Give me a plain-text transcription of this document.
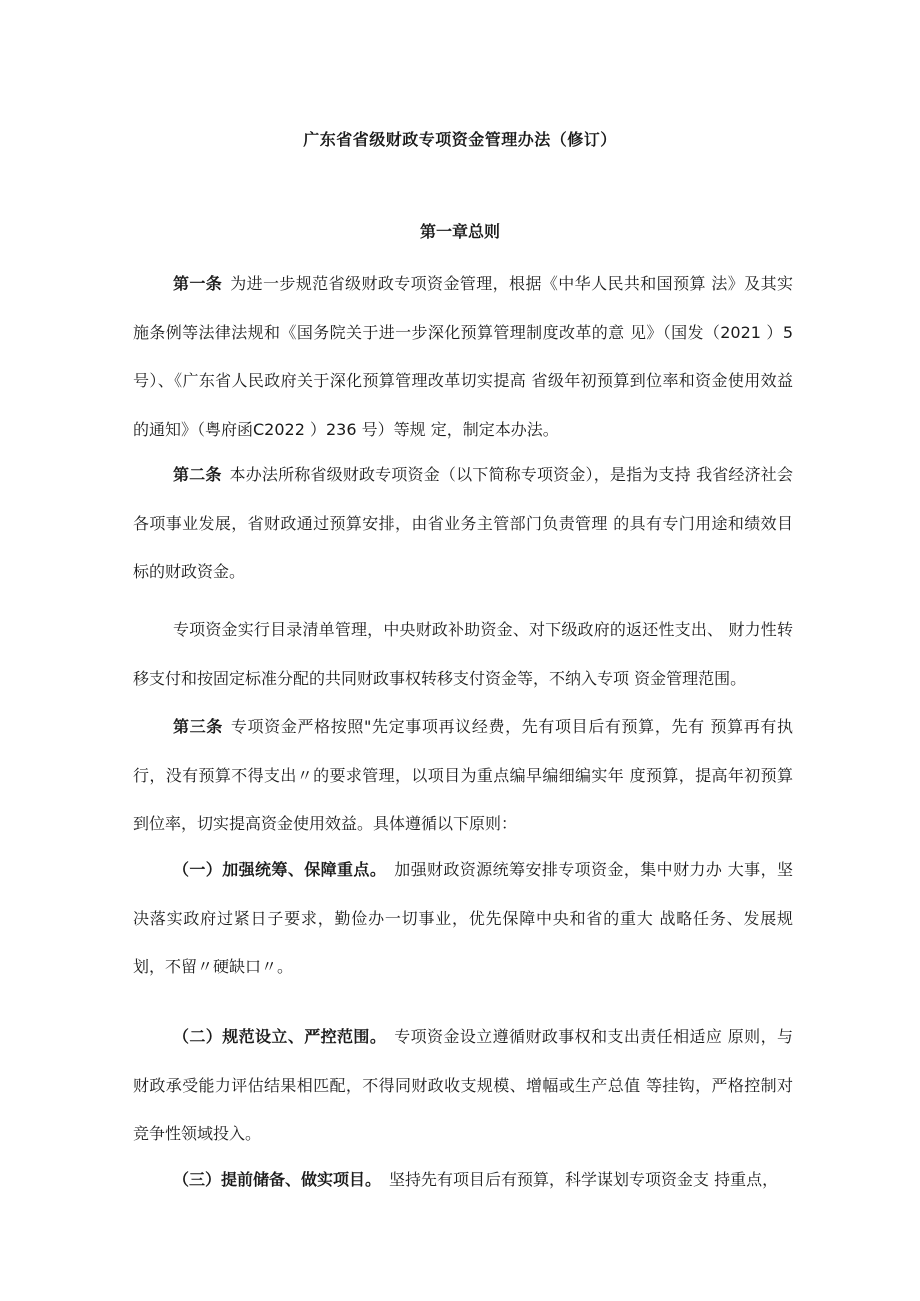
广东省省级财政专项资金管理办法（修订）
第一章总则

第一条 为进一步规范省级财政专项资金管理，根据《中华人民共和国预算 法》及其实施条例等法律法规和《国务院关于进一步深化预算管理制度改革的意 见》（国发（2021 ）5 号）、《广东省人民政府关于深化预算管理改革切实提高 省级年初预算到位率和资金使用效益的通知》（粤府函C2022 ）236 号）等规 定，制定本办法。

第二条 本办法所称省级财政专项资金（以下简称专项资金），是指为支持 我省经济社会各项事业发展，省财政通过预算安排，由省业务主管部门负责管理 的具有专门用途和绩效目标的财政资金。

专项资金实行目录清单管理，中央财政补助资金、对下级政府的返还性支出、 财力性转移支付和按固定标准分配的共同财政事权转移支付资金等，不纳入专项 资金管理范围。

第三条 专项资金严格按照"先定事项再议经费，先有项目后有预算，先有 预算再有执行，没有预算不得支出〃的要求管理，以项目为重点编早编细编实年 度预算，提高年初预算到位率，切实提高资金使用效益。具体遵循以下原则：

（一）加强统筹、保障重点。 加强财政资源统筹安排专项资金，集中财力办 大事，坚决落实政府过紧日子要求，勤俭办一切事业，优先保障中央和省的重大 战略任务、发展规划，不留〃硬缺口〃。

（二）规范设立、严控范围。 专项资金设立遵循财政事权和支出责任相适应 原则，与财政承受能力评估结果相匹配，不得同财政收支规模、增幅或生产总值 等挂钩，严格控制对竞争性领域投入。

（三）提前储备、做实项目。 坚持先有项目后有预算，科学谋划专项资金支 持重点，
